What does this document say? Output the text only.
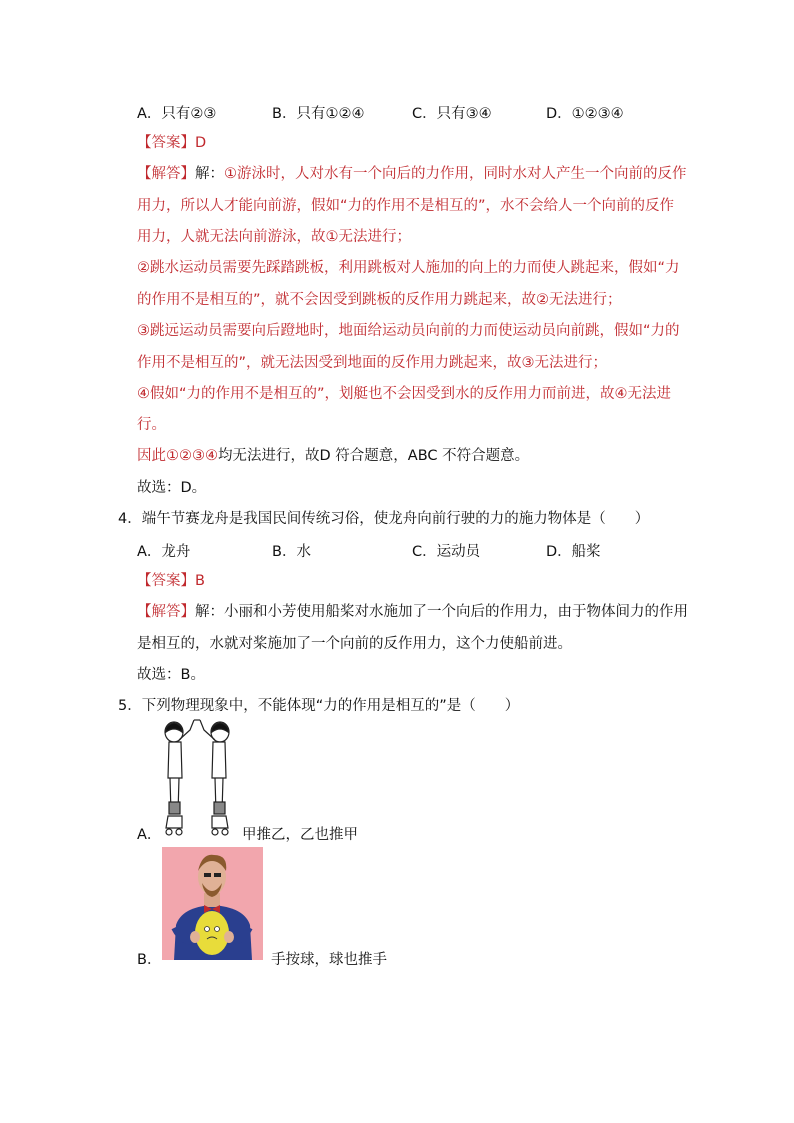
A．只有②③	B．只有①②④	C．只有③④	D．①②③④
【答案】D
【解答】解：①游泳时，人对水有一个向后的力作用，同时水对人产生一个向前的反作
用力，所以人才能向前游，假如“力的作用不是相互的”，水不会给人一个向前的反作
用力，人就无法向前游泳，故①无法进行；
②跳水运动员需要先踩踏跳板，利用跳板对人施加的向上的力而使人跳起来，假如“力
的作用不是相互的”，就不会因受到跳板的反作用力跳起来，故②无法进行；
③跳远运动员需要向后蹬地时，地面给运动员向前的力而使运动员向前跳，假如“力的
作用不是相互的”，就无法因受到地面的反作用力跳起来，故③无法进行；
④假如“力的作用不是相互的”，划艇也不会因受到水的反作用力而前进，故④无法进
行。
因此①②③④均无法进行，故D 符合题意，ABC 不符合题意。
故选：D。
4．端午节赛龙舟是我国民间传统习俗，使龙舟向前行驶的力的施力物体是（　　）
A．龙舟	B．水	C．运动员	D．船桨
【答案】B
【解答】解：小丽和小芳使用船桨对水施加了一个向后的作用力，由于物体间力的作用
是相互的，水就对桨施加了一个向前的反作用力，这个力使船前进。
故选：B。
5．下列物理现象中，不能体现“力的作用是相互的”是（　　）
A．	甲推乙，乙也推甲
B．	手按球，球也推手
